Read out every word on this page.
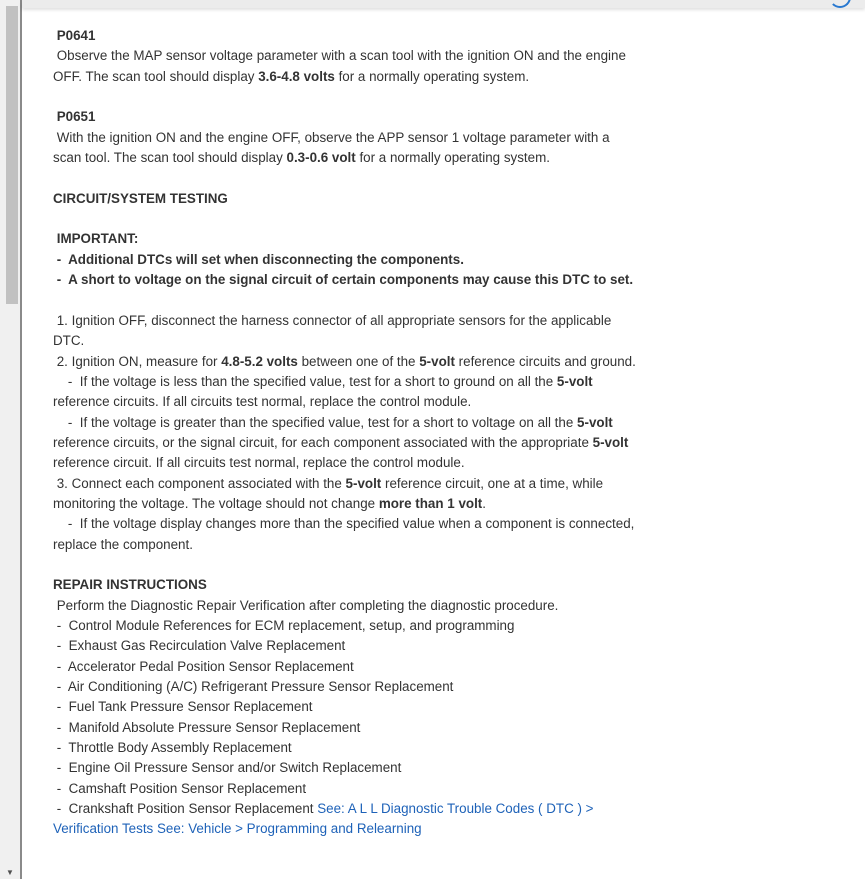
▼
P0641
Observe the MAP sensor voltage parameter with a scan tool with the ignition ON and the engine
OFF. The scan tool should display 3.6-4.8 volts for a normally operating system.
P0651
With the ignition ON and the engine OFF, observe the APP sensor 1 voltage parameter with a
scan tool. The scan tool should display 0.3-0.6 volt for a normally operating system.
CIRCUIT/SYSTEM TESTING
IMPORTANT:
-  Additional DTCs will set when disconnecting the components.
-  A short to voltage on the signal circuit of certain components may cause this DTC to set.
1. Ignition OFF, disconnect the harness connector of all appropriate sensors for the applicable
DTC.
2. Ignition ON, measure for 4.8-5.2 volts between one of the 5-volt reference circuits and ground.
-  If the voltage is less than the specified value, test for a short to ground on all the 5-volt
reference circuits. If all circuits test normal, replace the control module.
-  If the voltage is greater than the specified value, test for a short to voltage on all the 5-volt
reference circuits, or the signal circuit, for each component associated with the appropriate 5-volt
reference circuit. If all circuits test normal, replace the control module.
3. Connect each component associated with the 5-volt reference circuit, one at a time, while
monitoring the voltage. The voltage should not change more than 1 volt.
-  If the voltage display changes more than the specified value when a component is connected,
replace the component.
REPAIR INSTRUCTIONS
Perform the Diagnostic Repair Verification after completing the diagnostic procedure.
-  Control Module References for ECM replacement, setup, and programming
-  Exhaust Gas Recirculation Valve Replacement
-  Accelerator Pedal Position Sensor Replacement
-  Air Conditioning (A/C) Refrigerant Pressure Sensor Replacement
-  Fuel Tank Pressure Sensor Replacement
-  Manifold Absolute Pressure Sensor Replacement
-  Throttle Body Assembly Replacement
-  Engine Oil Pressure Sensor and/or Switch Replacement
-  Camshaft Position Sensor Replacement
-  Crankshaft Position Sensor Replacement See: A L L Diagnostic Trouble Codes ( DTC ) >
Verification Tests See: Vehicle > Programming and Relearning
